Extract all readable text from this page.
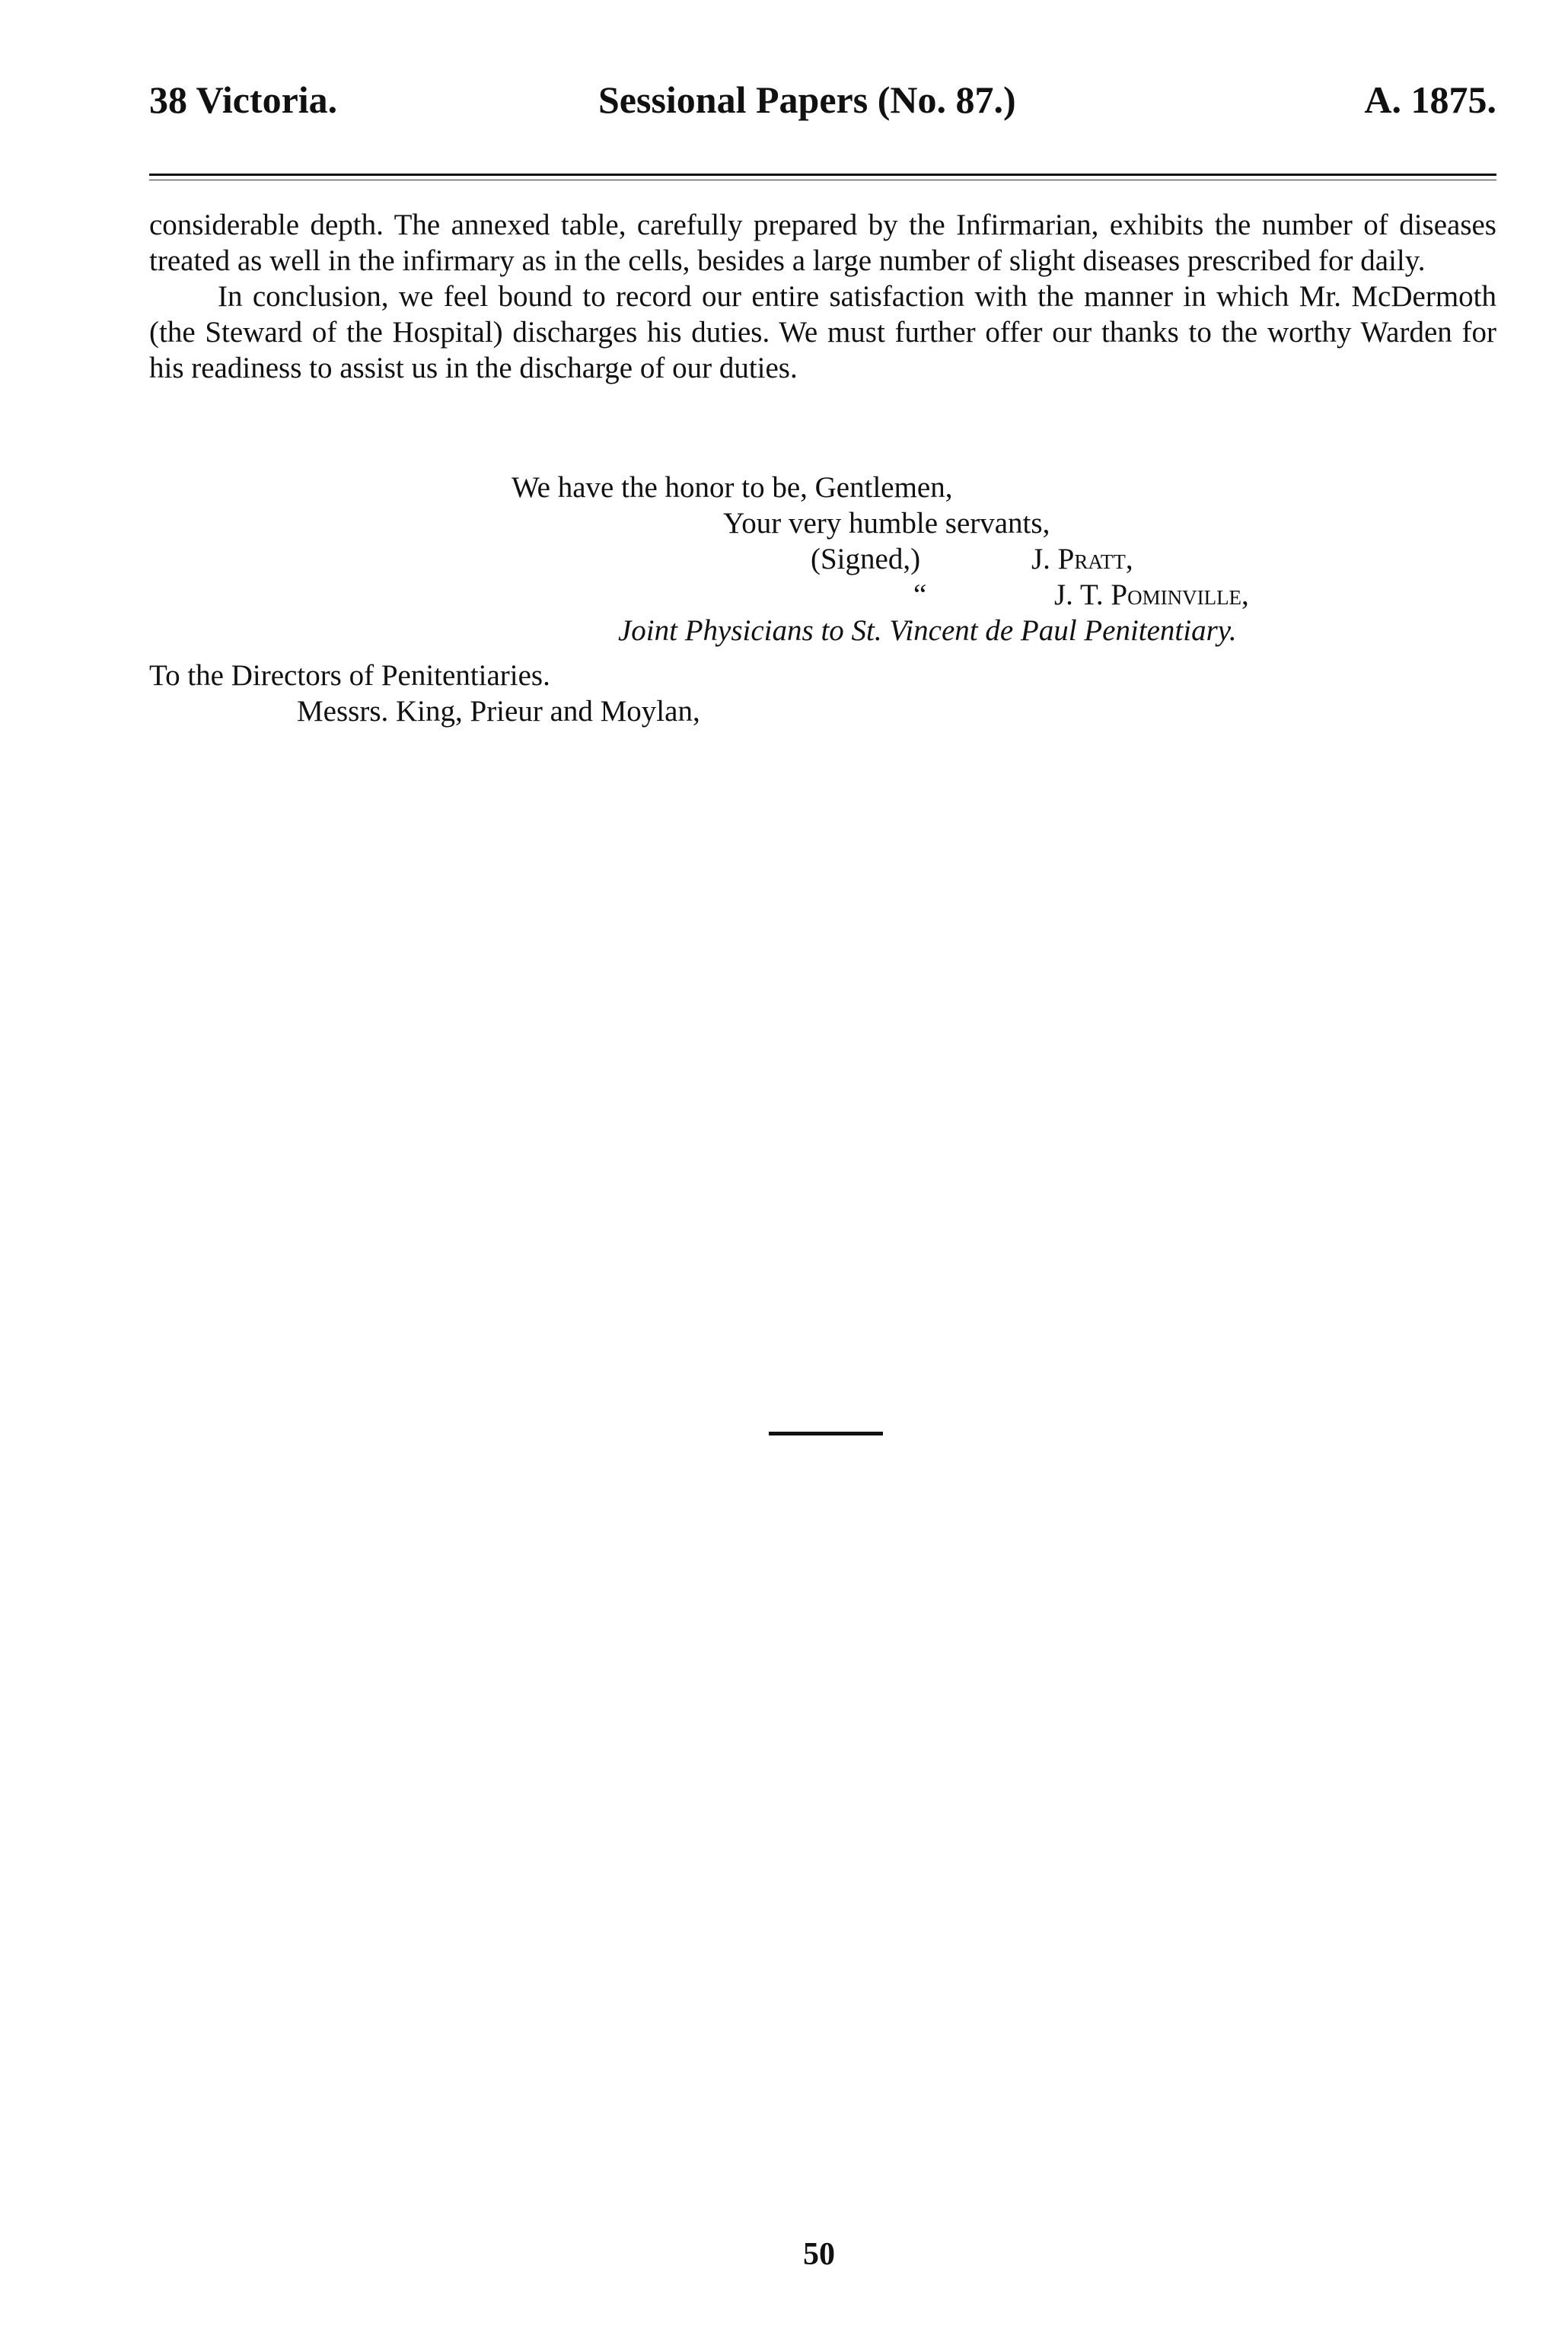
38 Victoria.	Sessional Papers (No. 87.)	A. 1875.

considerable depth. The annexed table, carefully prepared by the Infirmarian, exhibits the number of diseases treated as well in the infirmary as in the cells, besides a large number of slight diseases prescribed for daily.

In conclusion, we feel bound to record our entire satisfaction with the manner in which Mr. McDermoth (the Steward of the Hospital) discharges his duties. We must further offer our thanks to the worthy Warden for his readiness to assist us in the discharge of our duties.

We have the honor to be, Gentlemen,
Your very humble servants,
(Signed,)	J. Pratt,
“	J. T. Pominville,
Joint Physicians to St. Vincent de Paul Penitentiary.
To the Directors of Penitentiaries.
Messrs. King, Prieur and Moylan,
50
